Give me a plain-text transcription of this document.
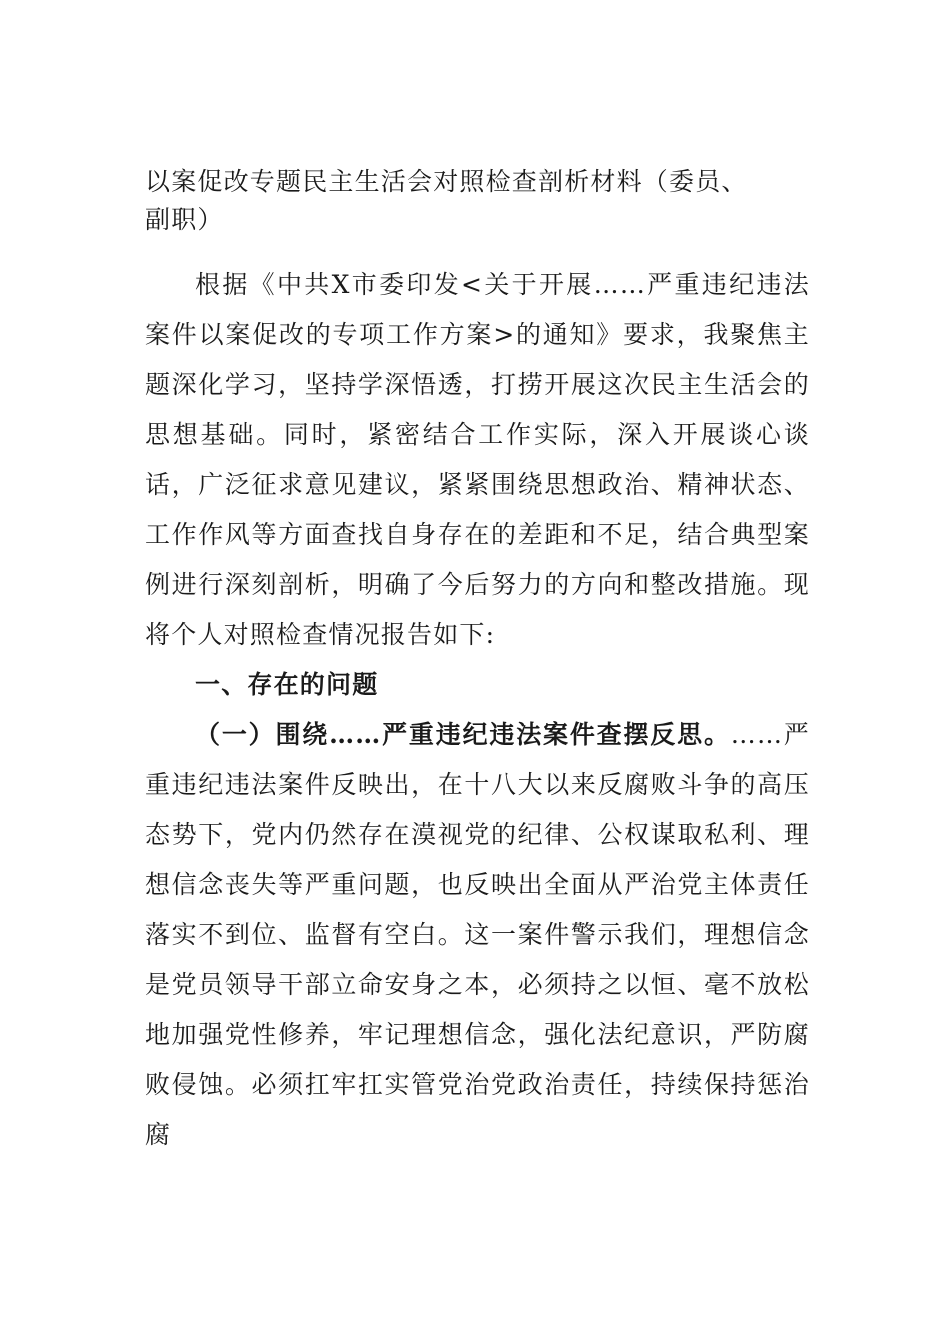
以案促改专题民主生活会对照检查剖析材料（委员、副职）

根据《中共X市委印发<关于开展……严重违纪违法案件以案促改的专项工作方案>的通知》要求，我聚焦主题深化学习，坚持学深悟透，打捞开展这次民主生活会的思想基础。同时，紧密结合工作实际，深入开展谈心谈话，广泛征求意见建议，紧紧围绕思想政治、精神状态、工作作风等方面查找自身存在的差距和不足，结合典型案例进行深刻剖析，明确了今后努力的方向和整改措施。现将个人对照检查情况报告如下:

一、存在的问题

（一）围绕……严重违纪违法案件查摆反思。……严重违纪违法案件反映出，在十八大以来反腐败斗争的高压态势下，党内仍然存在漠视党的纪律、公权谋取私利、理想信念丧失等严重问题，也反映出全面从严治党主体责任落实不到位、监督有空白。这一案件警示我们，理想信念是党员领导干部立命安身之本，必须持之以恒、毫不放松地加强党性修养，牢记理想信念，强化法纪意识，严防腐败侵蚀。必须扛牢扛实管党治党政治责任，持续保持惩治腐
